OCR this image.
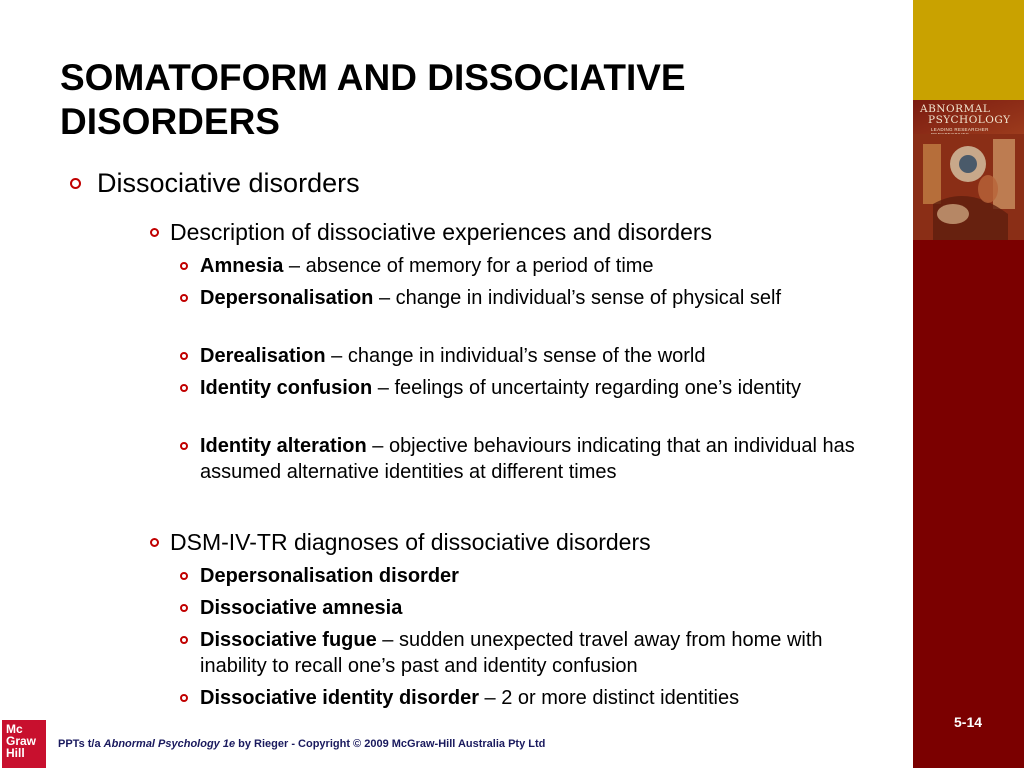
SOMATOFORM AND DISSOCIATIVE DISORDERS
Dissociative disorders
Description of dissociative experiences and disorders
Amnesia – absence of memory for a period of time
Depersonalisation – change in individual’s sense of physical self
Derealisation – change in individual’s sense of the world
Identity confusion – feelings of uncertainty regarding one’s identity
Identity alteration – objective behaviours indicating that an individual has assumed alternative identities at different times
DSM-IV-TR diagnoses of dissociative disorders
Depersonalisation disorder
Dissociative amnesia
Dissociative fugue – sudden unexpected travel away from home with inability to recall one’s past and identity confusion
Dissociative identity disorder – 2 or more distinct identities
ABNORMAL
PSYCHOLOGY
LEADING RESEARCHER
5-14
Mc
Graw
Hill
PPTs t/a Abnormal Psychology 1e by Rieger - Copyright © 2009 McGraw-Hill Australia Pty Ltd
